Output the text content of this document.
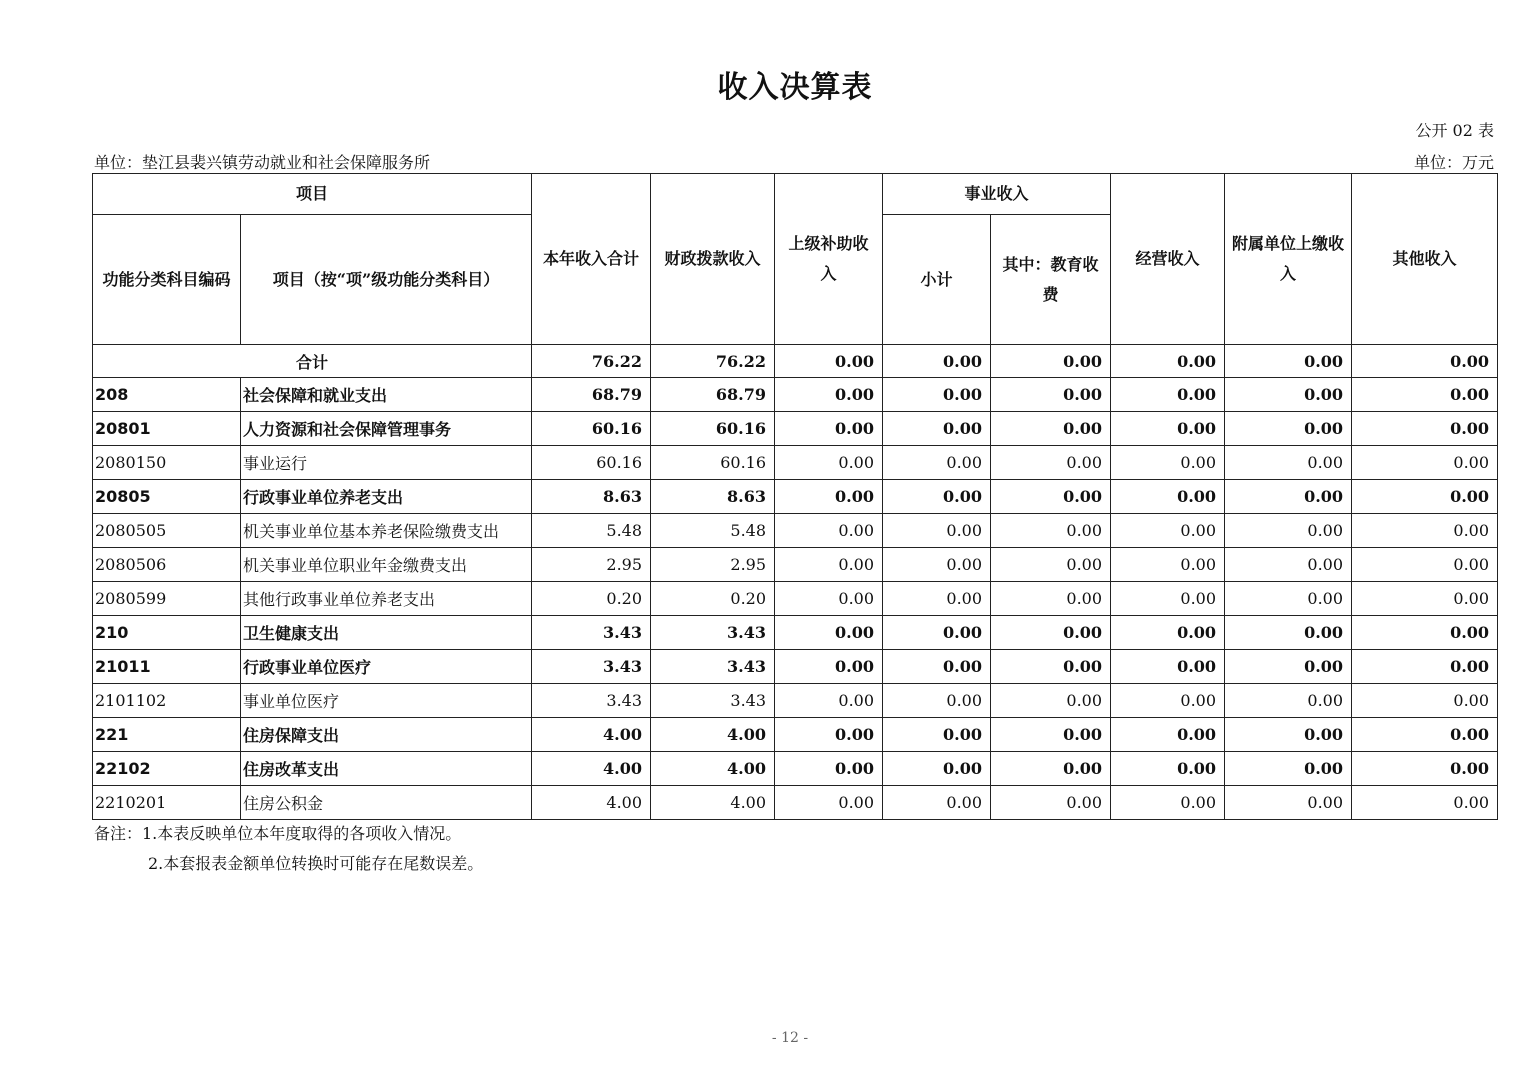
收入决算表
公开 02 表
单位：垫江县裴兴镇劳动就业和社会保障服务所	单位：万元
项目		本年收入合计	财政拨款收入	上级补助收入	事业收入		经营收入	附属单位上缴收入	其他收入
功能分类科目编码	项目（按“项”级功能分类科目）				小计	其中：教育收费			
合计		76.22	76.22	0.00	0.00	0.00	0.00	0.00	0.00
208	社会保障和就业支出	68.79	68.79	0.00	0.00	0.00	0.00	0.00	0.00
20801	人力资源和社会保障管理事务	60.16	60.16	0.00	0.00	0.00	0.00	0.00	0.00
2080150	事业运行	60.16	60.16	0.00	0.00	0.00	0.00	0.00	0.00
20805	行政事业单位养老支出	8.63	8.63	0.00	0.00	0.00	0.00	0.00	0.00
2080505	机关事业单位基本养老保险缴费支出	5.48	5.48	0.00	0.00	0.00	0.00	0.00	0.00
2080506	机关事业单位职业年金缴费支出	2.95	2.95	0.00	0.00	0.00	0.00	0.00	0.00
2080599	其他行政事业单位养老支出	0.20	0.20	0.00	0.00	0.00	0.00	0.00	0.00
210	卫生健康支出	3.43	3.43	0.00	0.00	0.00	0.00	0.00	0.00
21011	行政事业单位医疗	3.43	3.43	0.00	0.00	0.00	0.00	0.00	0.00
2101102	事业单位医疗	3.43	3.43	0.00	0.00	0.00	0.00	0.00	0.00
221	住房保障支出	4.00	4.00	0.00	0.00	0.00	0.00	0.00	0.00
22102	住房改革支出	4.00	4.00	0.00	0.00	0.00	0.00	0.00	0.00
2210201	住房公积金	4.00	4.00	0.00	0.00	0.00	0.00	0.00	0.00
备注：1.本表反映单位本年度取得的各项收入情况。
2.本套报表金额单位转换时可能存在尾数误差。
- 12 -
